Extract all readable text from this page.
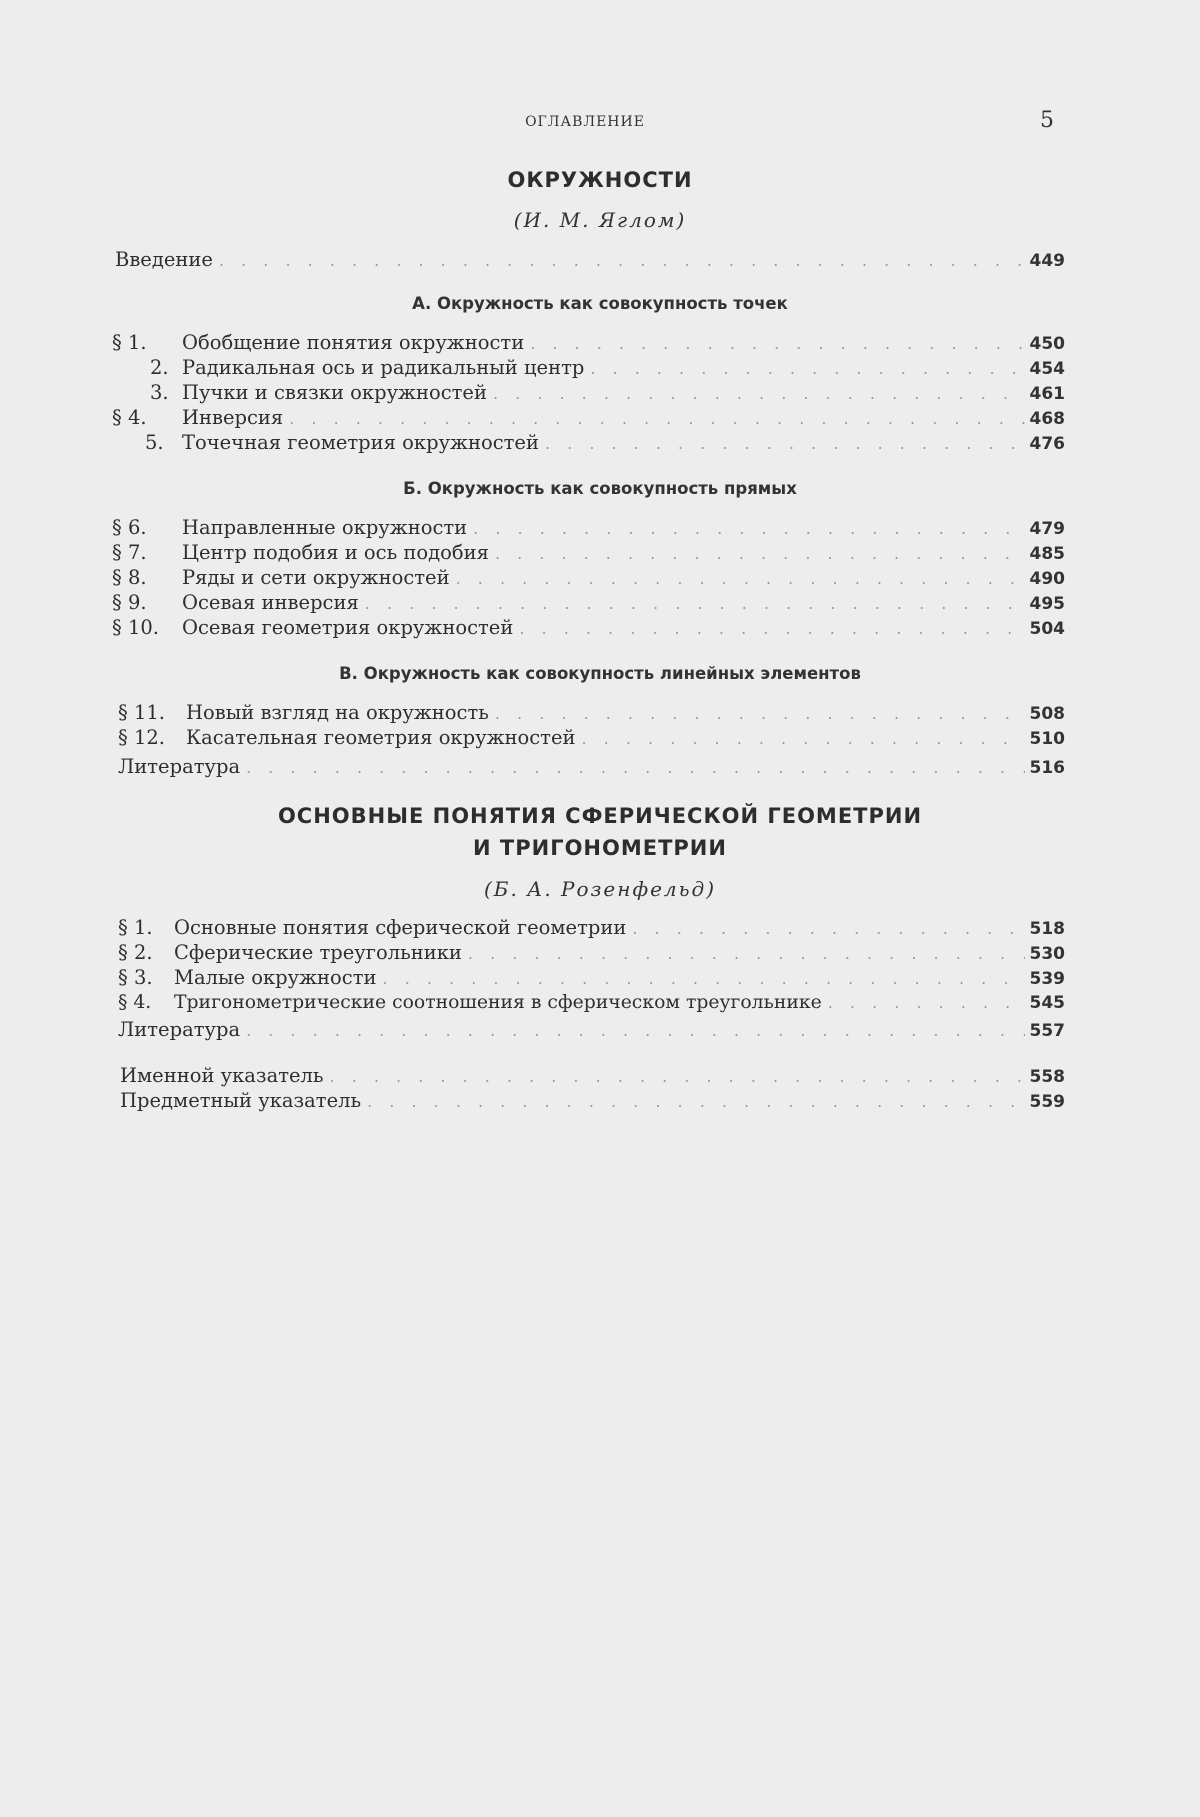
ОГЛАВЛЕНИЕ	5
ОКРУЖНОСТИ
(И. М. Яглом)
Введение . . .	449
А. Окружность как совокупность точек
§ 1.	Обобщение понятия окружности . . .	450
2. Радикальная ось и радикальный центр . . .	454
3. Пучки и связки окружностей . . .	461
§ 4.	Инверсия . . .	468
5. Точечная геометрия окружностей . . .	476
Б. Окружность как совокупность прямых
§ 6.	Направленные окружности . . .	479
§ 7.	Центр подобия и ось подобия . . .	485
§ 8.	Ряды и сети окружностей . . .	490
§ 9.	Осевая инверсия . . .	495
§ 10.	Осевая геометрия окружностей . . .	504
В. Окружность как совокупность линейных элементов
§ 11.	Новый взгляд на окружность . . .	508
§ 12.	Касательная геометрия окружностей . . .	510
Литература . . .	516
ОСНОВНЫЕ ПОНЯТИЯ СФЕРИЧЕСКОЙ ГЕОМЕТРИИ
И ТРИГОНОМЕТРИИ
(Б. А. Розенфельд)
§ 1.	Основные понятия сферической геометрии . . .	518
§ 2.	Сферические треугольники . . .	530
§ 3.	Малые окружности . . .	539
§ 4.	Тригонометрические соотношения в сферическом треугольнике . . .	545
Литература . . .	557
Именной указатель . . .	558
Предметный указатель . . .	559
